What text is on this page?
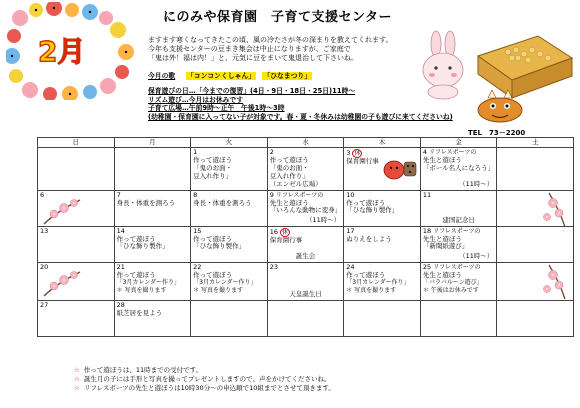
にのみや保育園　子育て支援センター
2月	ますます寒くなってきたこの頃、風の冷たさが冬の深まりを教えてくれます。

今年も支援センターの豆まき集会は中止になりますが、ご家庭で

「鬼は外！福は内！」と、元気に豆をまいて鬼退治して下さいね。

今月の歌 「コンコンくしゃん」 「ひなまつり」

保育遊びの日…「今までの復習」(4日・9日・18日・25日)11時～

リズム遊び…今月はお休みです

子育て広場…午前9時～正午　午後1時～3時

(幼稚園・保育園に入ってない子が対象です。春・夏・冬休みは幼稚園の子も遊びに来てくださいね)

TEL　73－2200
日	月	火	水	木	金	土
		1
作って遊ぼう
「鬼のお面・
豆入れ作り」	2
作って遊ぼう
「鬼のお面・
豆入れ作り」
（エンゼル広場）	3 休
保育園行事	4 リフレスポーツの
先生と遊ぼう
「ボール名人になろう」
（11時～）	

6	7
身長・体重を測ろう	8
身長・体重を測ろう	9 リフレスポーツの
先生と遊ぼう
「いろんな動物に変身」
（11時～）	10
作って遊ぼう
「ひな飾り製作」	11
建国記念日

13	14
作って遊ぼう
「ひな飾り製作」	15
作って遊ぼう
「ひな飾り製作」	16 休
保育園行事
誕生会	17
ぬりえをしよう	18 リフレスポーツの
先生と遊ぼう
「新聞紙遊び」
（11時～）	

20	21
作って遊ぼう
「3月カレンダー作り」
＊ 写真を撮ります	22
作って遊ぼう
「3月カレンダー作り」
＊ 写真を撮ります	23
天皇誕生日	24
作って遊ぼう
「3月カレンダー作り」
＊ 写真を撮ります	25 リフレスポーツの
先生と遊ぼう
「バラバルーン遊び」
＊ 午後はお休みです	

27	28
紙芝居を見よう					

☆ 作って遊ぼうは、11時までの受付です。

☆ 誕生月の子には手形と写真を撮ってプレゼントしますので、声をかけてくださいね。

☆ リフレスポーツの先生と遊ぼうは10時30分～の申込順で10組までとさせて頂きます。
